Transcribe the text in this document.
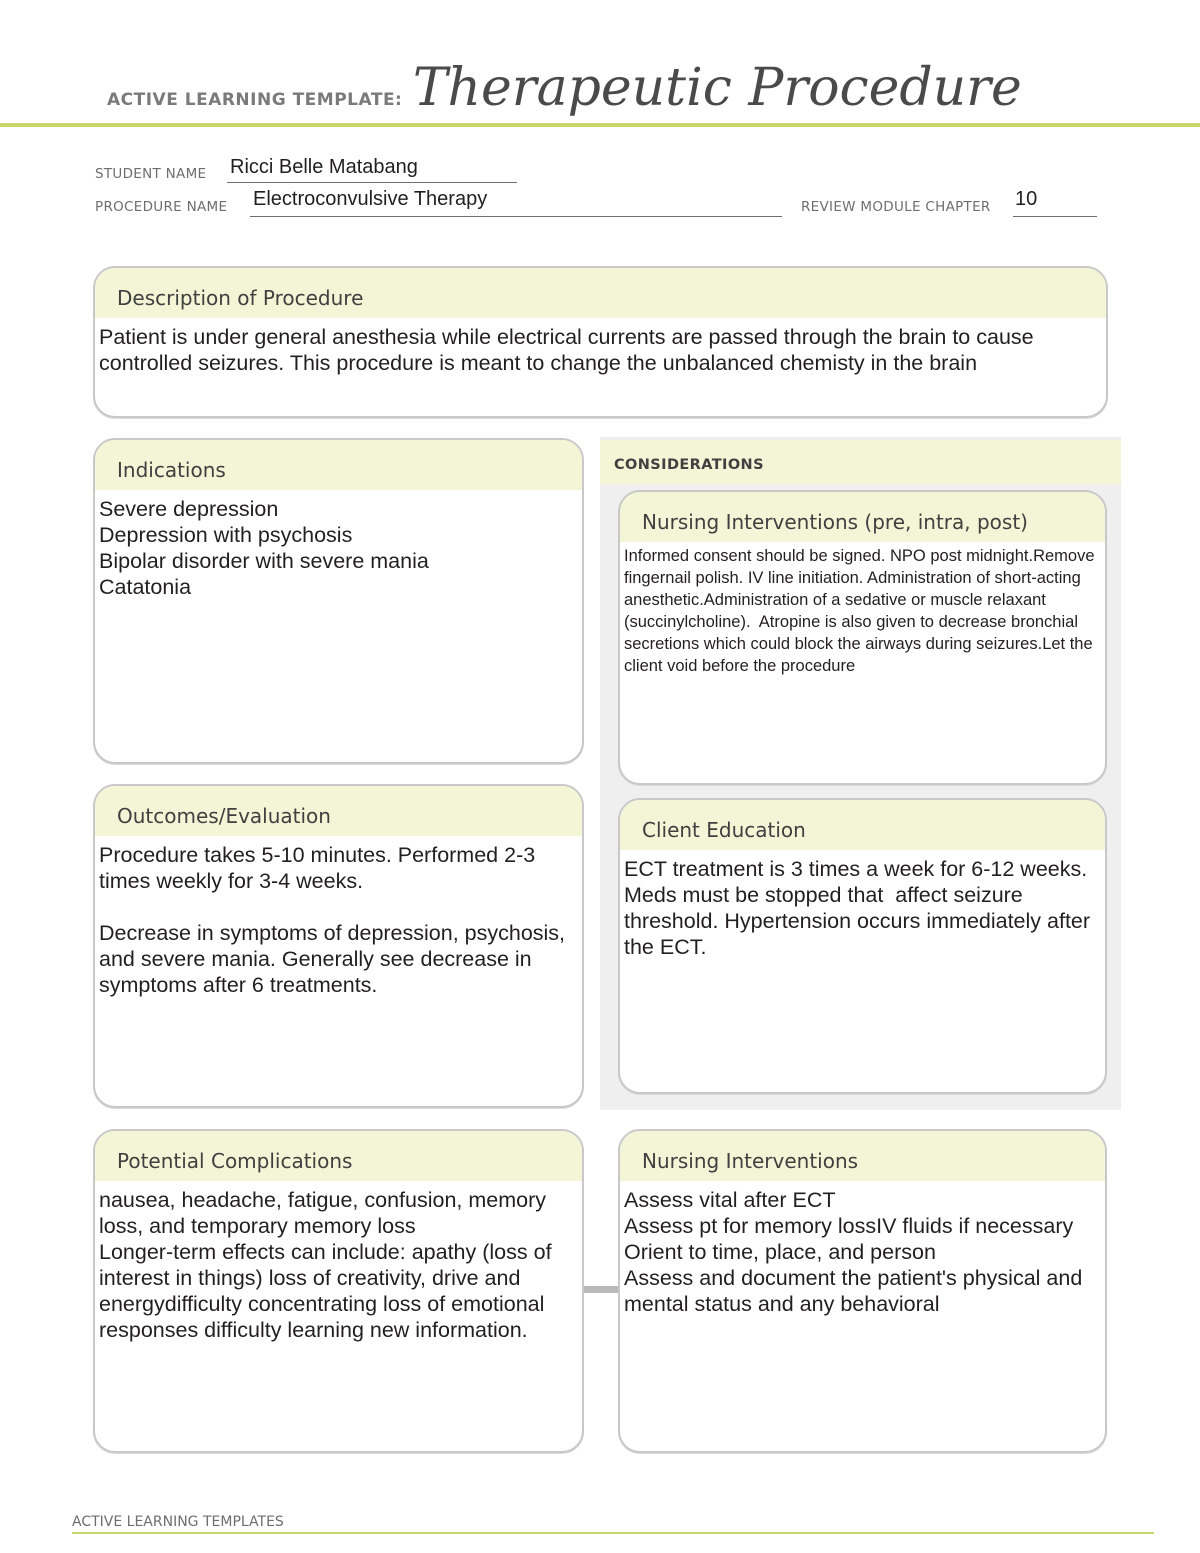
ACTIVE LEARNING TEMPLATE: Therapeutic Procedure
STUDENT NAME Ricci Belle Matabang
PROCEDURE NAME Electroconvulsive Therapy	REVIEW MODULE CHAPTER 10
Description of Procedure
Patient is under general anesthesia while electrical currents are passed through the brain to cause controlled seizures. This procedure is meant to change the unbalanced chemisty in the brain
Indications
Severe depression
Depression with psychosis
Bipolar disorder with severe mania
Catatonia
CONSIDERATIONS
Nursing Interventions (pre, intra, post)
Informed consent should be signed. NPO post midnight.Remove fingernail polish. IV line initiation. Administration of short-acting anesthetic.Administration of a sedative or muscle relaxant (succinylcholine).  Atropine is also given to decrease bronchial secretions which could block the airways during seizures.Let the client void before the procedure
Outcomes/Evaluation
Procedure takes 5-10 minutes. Performed 2-3 times weekly for 3-4 weeks.

Decrease in symptoms of depression, psychosis, and severe mania. Generally see decrease in symptoms after 6 treatments.
Client Education
ECT treatment is 3 times a week for 6-12 weeks. Meds must be stopped that  affect seizure threshold. Hypertension occurs immediately after the ECT.
Potential Complications
nausea, headache, fatigue, confusion, memory loss, and temporary memory loss
Longer-term effects can include: apathy (loss of interest in things) loss of creativity, drive and energydifficulty concentrating loss of emotional responses difficulty learning new information.
Nursing Interventions
Assess vital after ECT
Assess pt for memory lossIV fluids if necessary
Orient to time, place, and person
Assess and document the patient's physical and mental status and any behavioral
ACTIVE LEARNING TEMPLATES
